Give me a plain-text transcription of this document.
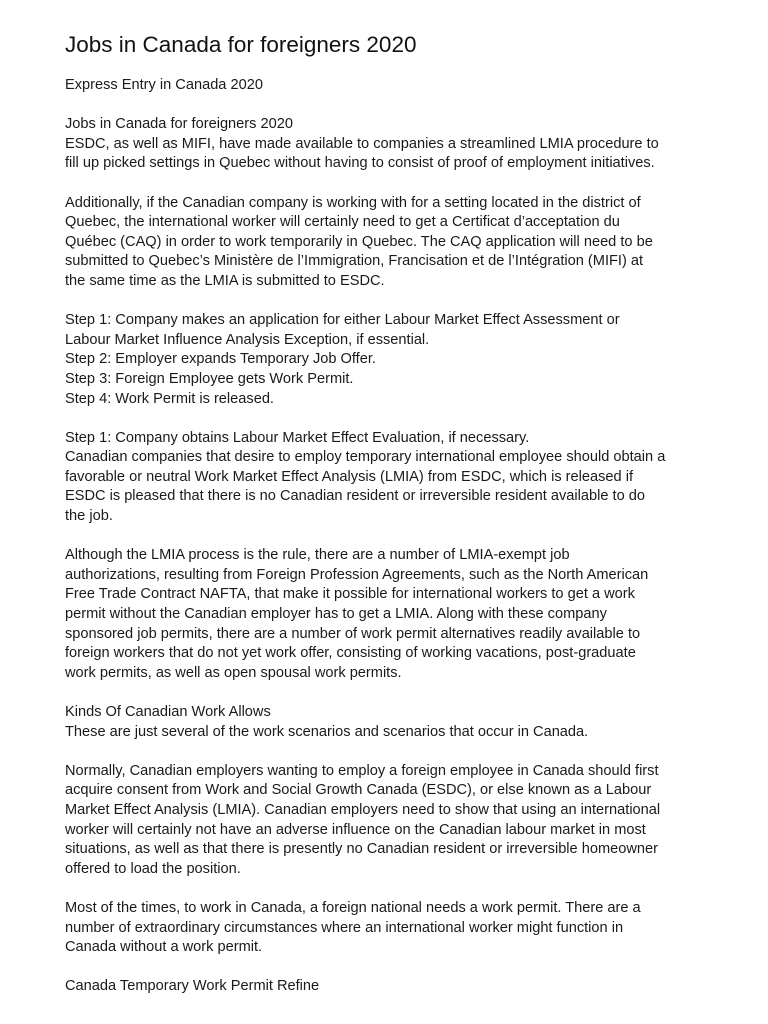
Jobs in Canada for foreigners 2020
Express Entry in Canada 2020
Jobs in Canada for foreigners 2020
ESDC, as well as MIFI, have made available to companies a streamlined LMIA procedure to
fill up picked settings in Quebec without having to consist of proof of employment initiatives.
Additionally, if the Canadian company is working with for a setting located in the district of
Quebec, the international worker will certainly need to get a Certificat d’acceptation du
Québec (CAQ) in order to work temporarily in Quebec. The CAQ application will need to be
submitted to Quebec’s Ministère de l’Immigration, Francisation et de l’Intégration (MIFI) at
the same time as the LMIA is submitted to ESDC.
Step 1: Company makes an application for either Labour Market Effect Assessment or
Labour Market Influence Analysis Exception, if essential.
Step 2: Employer expands Temporary Job Offer.
Step 3: Foreign Employee gets Work Permit.
Step 4: Work Permit is released.
Step 1: Company obtains Labour Market Effect Evaluation, if necessary.
Canadian companies that desire to employ temporary international employee should obtain a
favorable or neutral Work Market Effect Analysis (LMIA) from ESDC, which is released if
ESDC is pleased that there is no Canadian resident or irreversible resident available to do
the job.
Although the LMIA process is the rule, there are a number of LMIA-exempt job
authorizations, resulting from Foreign Profession Agreements, such as the North American
Free Trade Contract NAFTA, that make it possible for international workers to get a work
permit without the Canadian employer has to get a LMIA. Along with these company
sponsored job permits, there are a number of work permit alternatives readily available to
foreign workers that do not yet work offer, consisting of working vacations, post-graduate
work permits, as well as open spousal work permits.
Kinds Of Canadian Work Allows
These are just several of the work scenarios and scenarios that occur in Canada.
Normally, Canadian employers wanting to employ a foreign employee in Canada should first
acquire consent from Work and Social Growth Canada (ESDC), or else known as a Labour
Market Effect Analysis (LMIA). Canadian employers need to show that using an international
worker will certainly not have an adverse influence on the Canadian labour market in most
situations, as well as that there is presently no Canadian resident or irreversible homeowner
offered to load the position.
Most of the times, to work in Canada, a foreign national needs a work permit. There are a
number of extraordinary circumstances where an international worker might function in
Canada without a work permit.
Canada Temporary Work Permit Refine
